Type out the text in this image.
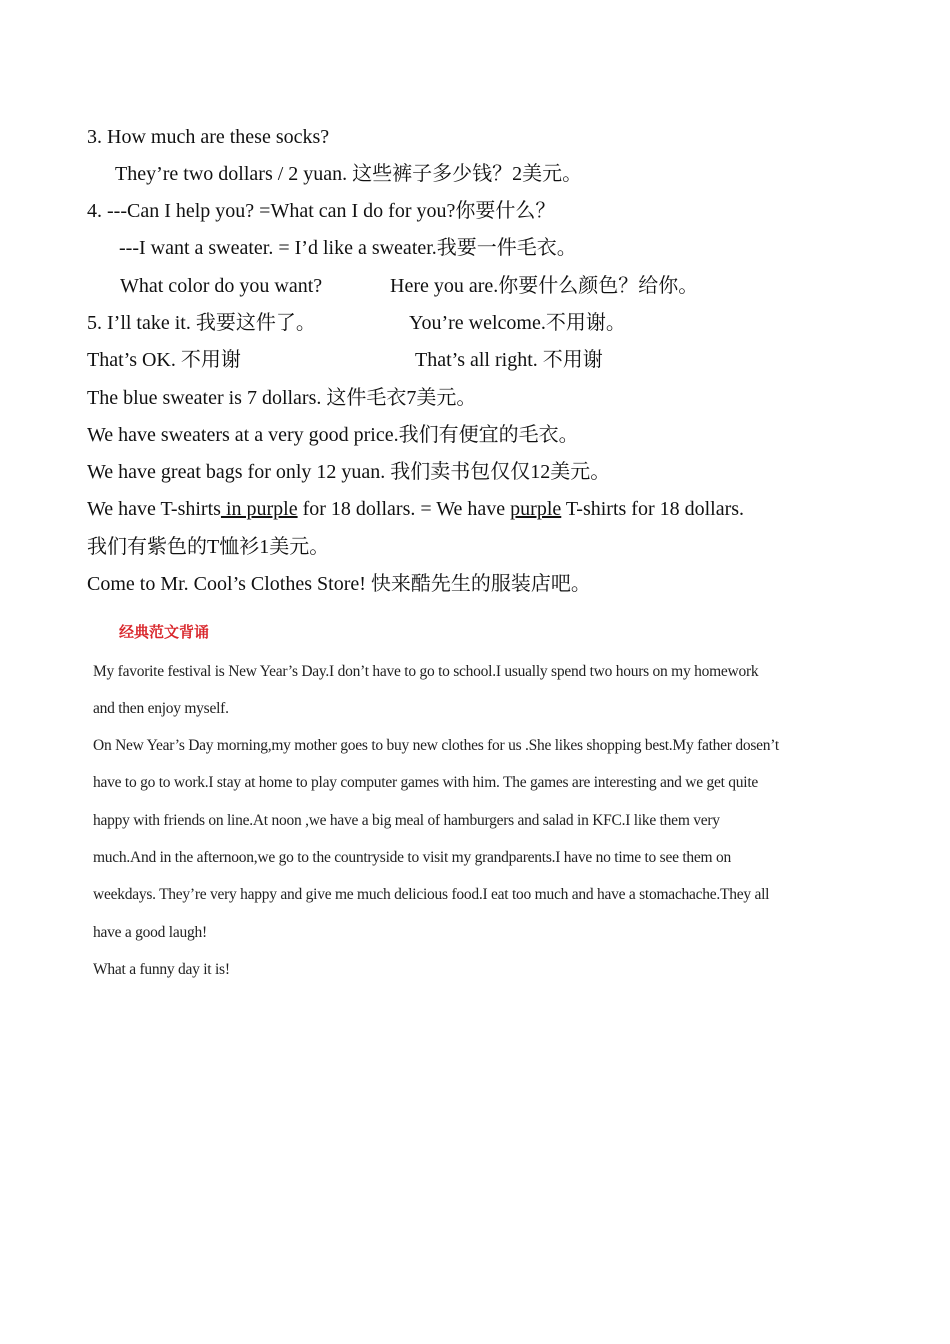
3. How much are these socks?
They’re two dollars / 2 yuan. 这些裤子多少钱？2美元。
4. ---Can I help you? =What can I do for you?你要什么？
---I want a sweater. = I’d like a sweater.我要一件毛衣。
What color do you want?	Here you are.你要什么颜色？给你。
5. I’ll take it. 我要这件了。	You’re welcome.不用谢。
That’s OK. 不用谢	That’s all right. 不用谢
The blue sweater is 7 dollars. 这件毛衣7美元。
We have sweaters at a very good price.我们有便宜的毛衣。
We have great bags for only 12 yuan. 我们卖书包仅仅12美元。
We have T-shirts in purple for 18 dollars. = We have purple T-shirts for 18 dollars.
我们有紫色的T恤衫1美元。
Come to Mr. Cool’s Clothes Store! 快来酷先生的服装店吧。
经典范文背诵
My favorite festival is New Year’s Day.I don’t have to go to school.I usually spend two hours on my homework
and then enjoy myself.
On New Year’s Day morning,my mother goes to buy new clothes for us .She likes shopping best.My father dosen’t
have to go to work.I stay at home to play computer games with him. The games are interesting and we get quite
happy with friends on line.At noon ,we have a big meal of hamburgers and salad in KFC.I like them very
much.And in the afternoon,we go to the countryside to visit my grandparents.I have no time to see them on
weekdays. They’re very happy and give me much delicious food.I eat too much and have a stomachache.They all
have a good laugh!
What a funny day it is!
